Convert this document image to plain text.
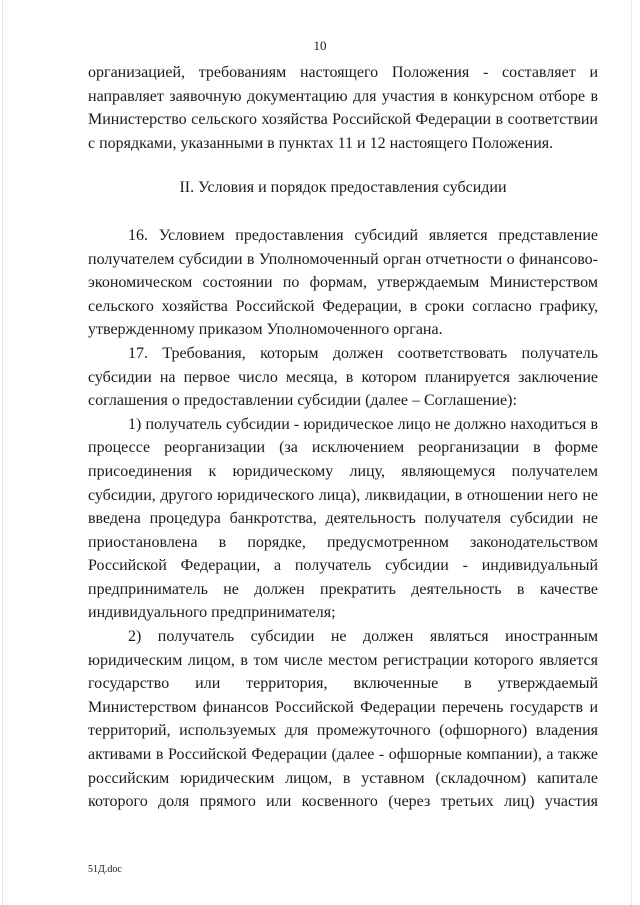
10

организацией, требованиям настоящего Положения - составляет и направляет заявочную документацию для участия в конкурсном отборе в Министерство сельского хозяйства Российской Федерации в соответствии с порядками, указанными в пунктах 11 и 12 настоящего Положения.

II. Условия и порядок предоставления субсидии

16. Условием предоставления субсидий является представление получателем субсидии в Уполномоченный орган отчетности о финансово-экономическом состоянии по формам, утверждаемым Министерством сельского хозяйства Российской Федерации, в сроки согласно графику, утвержденному приказом Уполномоченного органа.

17. Требования, которым должен соответствовать получатель субсидии на первое число месяца, в котором планируется заключение соглашения о предоставлении субсидии (далее – Соглашение):

1) получатель субсидии - юридическое лицо не должно находиться в процессе реорганизации (за исключением реорганизации в форме присоединения к юридическому лицу, являющемуся получателем субсидии, другого юридического лица), ликвидации, в отношении него не введена процедура банкротства, деятельность получателя субсидии не приостановлена в порядке, предусмотренном законодательством Российской Федерации, а получатель субсидии - индивидуальный предприниматель не должен прекратить деятельность в качестве индивидуального предпринимателя;

2) получатель субсидии не должен являться иностранным юридическим лицом, в том числе местом регистрации которого является государство или территория, включенные в утверждаемый Министерством финансов Российской Федерации перечень государств и территорий, используемых для промежуточного (офшорного) владения активами в Российской Федерации (далее - офшорные компании), а также российским юридическим лицом, в уставном (складочном) капитале которого доля прямого или косвенного (через третьих лиц) участия

51Д.doc
